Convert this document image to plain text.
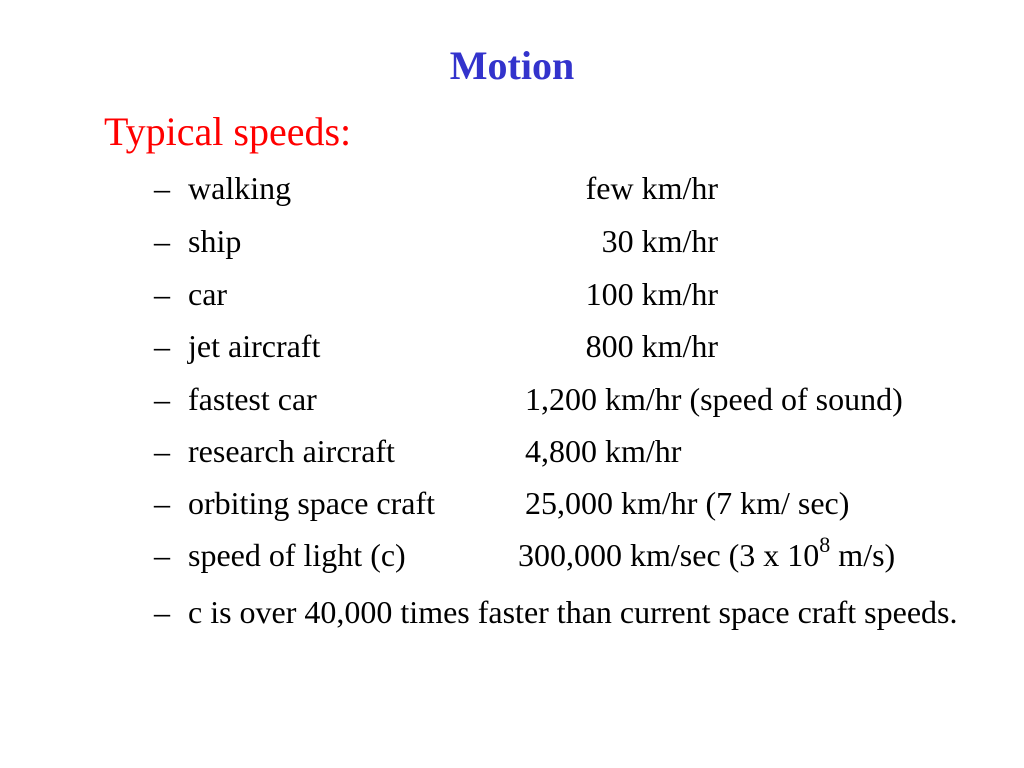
Motion
Typical speeds:
– walking	few km/hr
– ship	30 km/hr
– car	100 km/hr
– jet aircraft	800 km/hr
– fastest car	1,200 km/hr (speed of sound)
– research aircraft	4,800 km/hr
– orbiting space craft	25,000 km/hr (7 km/ sec)
– speed of light (c)	300,000 km/sec (3 x $10^8$ m/s)
– c is over 40,000 times faster than current space craft speeds.
